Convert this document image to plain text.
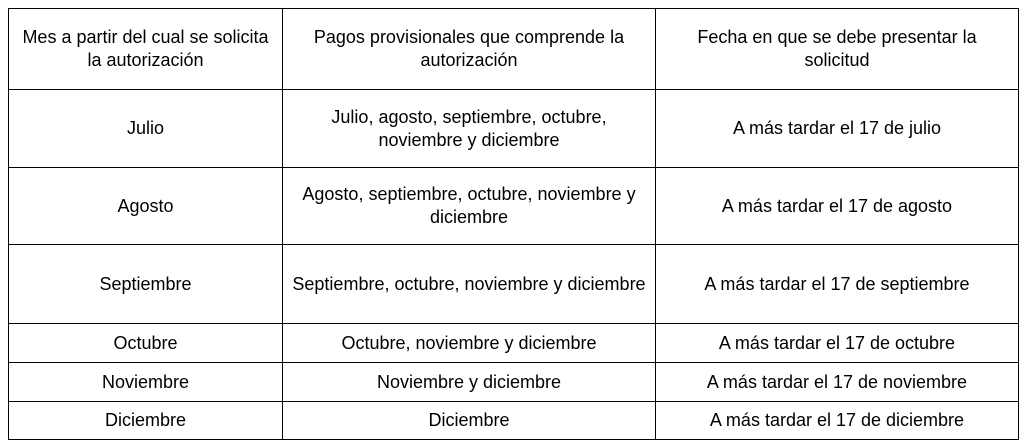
Mes a partir del cual se solicita la autorización	Pagos provisionales que comprende la autorización	Fecha en que se debe presentar la solicitud
Julio	Julio, agosto, septiembre, octubre, noviembre y diciembre	A más tardar el 17 de julio
Agosto	Agosto, septiembre, octubre, noviembre y diciembre	A más tardar el 17 de agosto
Septiembre	Septiembre, octubre, noviembre y diciembre	A más tardar el 17 de septiembre
Octubre	Octubre, noviembre y diciembre	A más tardar el 17 de octubre
Noviembre	Noviembre y diciembre	A más tardar el 17 de noviembre
Diciembre	Diciembre	A más tardar el 17 de diciembre
